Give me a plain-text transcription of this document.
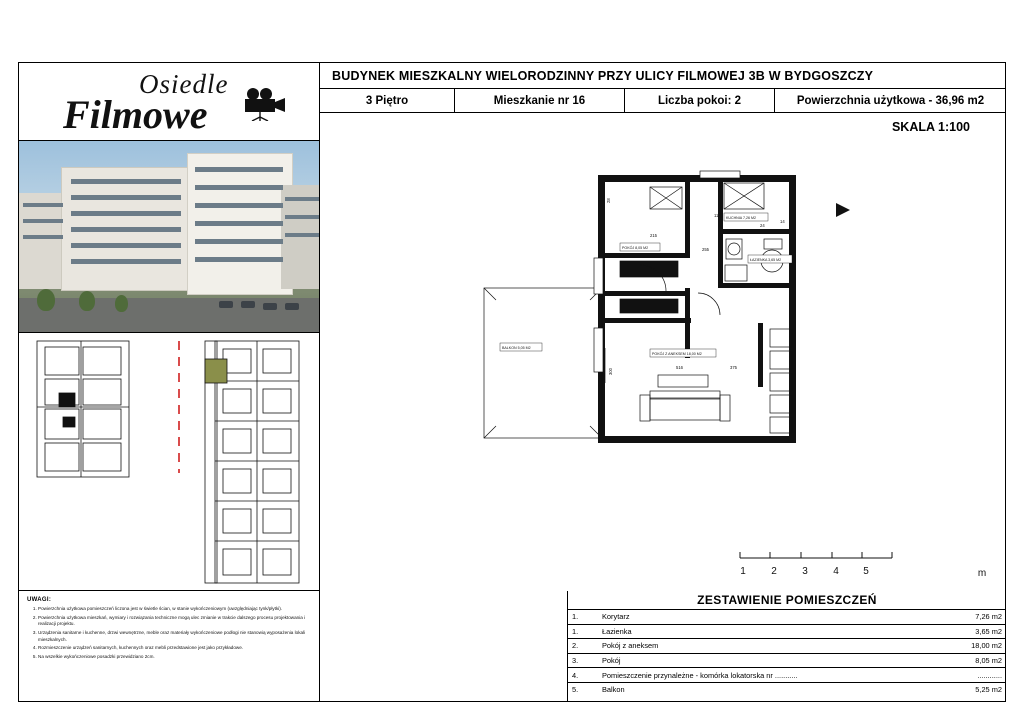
Osiedle
Filmowe
UWAGI:
1. Powierzchnia użytkowa pomieszczeń liczona jest w świetle ścian, w stanie wykończeniowym (uwzględniając tynk/płytki).
2. Powierzchnia użytkowa mieszkań, wymiary i rozwiązania techniczne mogą ulec zmianie w trakcie dalszego procesu projektowania i realizacji projektu.
3. Urządzenia sanitarne i kuchenne, drzwi wewnętrzne, meble oraz materiały wykończeniowe podłogi nie stanowią wyposażenia lokali mieszkalnych.
4. Rozmieszczenie urządzeń sanitarnych, kuchennych oraz mebli przedstawione jest jako przykładowe.
5. Na wszelkie wykończeniowe posadzki przewidziano 2cm.
BUDYNEK MIESZKALNY WIELORODZINNY PRZY ULICY FILMOWEJ 3B W BYDGOSZCZY
3 Piętro	Mieszkanie nr 16	Liczba pokoi: 2	Powierzchnia użytkowa - 36,96 m2
SKALA 1:100
KUCHNIA 7,26 M2
POKÓJ 8,05 M2
ŁAZIENKA 3,65 M2
POKÓJ Z ANEKSEM 18,00 M2
BALKON 5,05 M2
215
255
117
24
14
300
516	375
28
1	2	3	4 5	m
ZESTAWIENIE POMIESZCZEŃ
1.	Korytarz	7,26 m2
1.	Łazienka	3,65 m2
2.	Pokój z aneksem	18,00 m2
3.	Pokój	8,05 m2
4.	Pomieszczenie przynależne - komórka lokatorska nr ...........	............
5.	Balkon	5,25 m2
